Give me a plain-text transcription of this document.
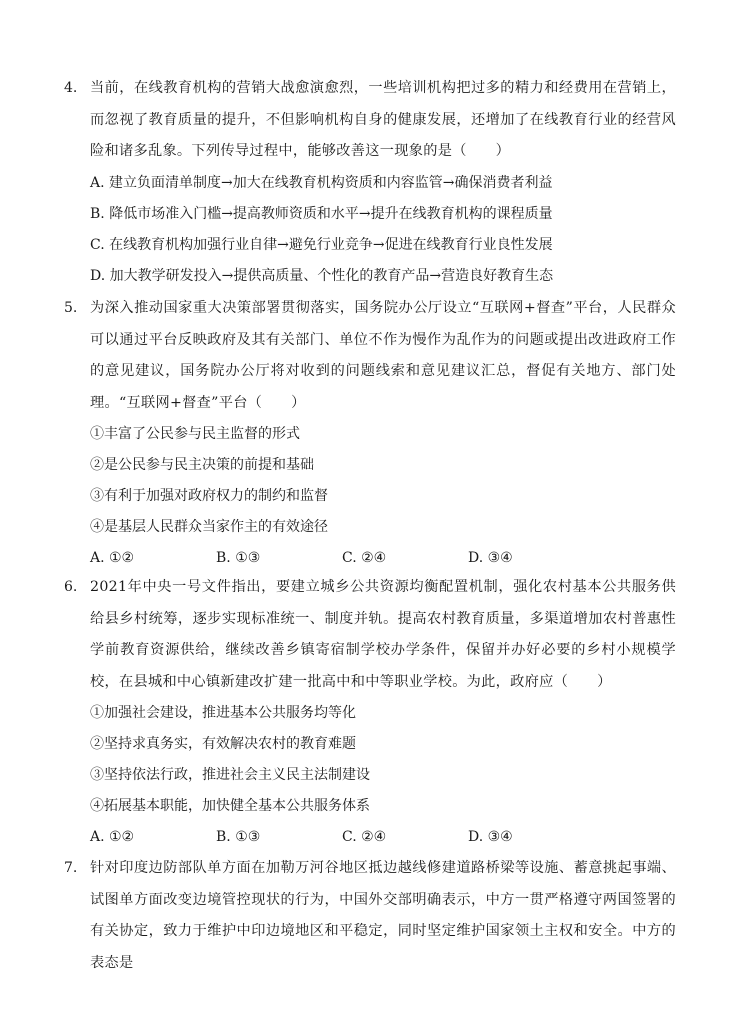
4. 当前，在线教育机构的营销大战愈演愈烈，一些培训机构把过多的精力和经费用在营销上，而忽视了教育质量的提升，不但影响机构自身的健康发展，还增加了在线教育行业的经营风险和诸多乱象。下列传导过程中，能够改善这一现象的是（　　）
A. 建立负面清单制度→加大在线教育机构资质和内容监管→确保消费者利益
B. 降低市场准入门槛→提高教师资质和水平→提升在线教育机构的课程质量
C. 在线教育机构加强行业自律→避免行业竞争→促进在线教育行业良性发展
D. 加大教学研发投入→提供高质量、个性化的教育产品→营造良好教育生态
5. 为深入推动国家重大决策部署贯彻落实，国务院办公厅设立“互联网+督查”平台，人民群众可以通过平台反映政府及其有关部门、单位不作为慢作为乱作为的问题或提出改进政府工作的意见建议，国务院办公厅将对收到的问题线索和意见建议汇总，督促有关地方、部门处理。“互联网+督查”平台（　　）
①丰富了公民参与民主监督的形式
②是公民参与民主决策的前提和基础
③有利于加强对政府权力的制约和监督
④是基层人民群众当家作主的有效途径
A. ①②	B. ①③	C. ②④	D. ③④
6. 2021年中央一号文件指出，要建立城乡公共资源均衡配置机制，强化农村基本公共服务供给县乡村统筹，逐步实现标准统一、制度并轨。提高农村教育质量，多渠道增加农村普惠性学前教育资源供给，继续改善乡镇寄宿制学校办学条件，保留并办好必要的乡村小规模学校，在县城和中心镇新建改扩建一批高中和中等职业学校。为此，政府应（　　）
①加强社会建设，推进基本公共服务均等化
②坚持求真务实，有效解决农村的教育难题
③坚持依法行政，推进社会主义民主法制建设
④拓展基本职能，加快健全基本公共服务体系
A. ①②	B. ①③	C. ②④	D. ③④
7. 针对印度边防部队单方面在加勒万河谷地区抵边越线修建道路桥梁等设施、蓄意挑起事端、试图单方面改变边境管控现状的行为，中国外交部明确表示，中方一贯严格遵守两国签署的有关协定，致力于维护中印边境地区和平稳定，同时坚定维护国家领土主权和安全。中方的表态是
